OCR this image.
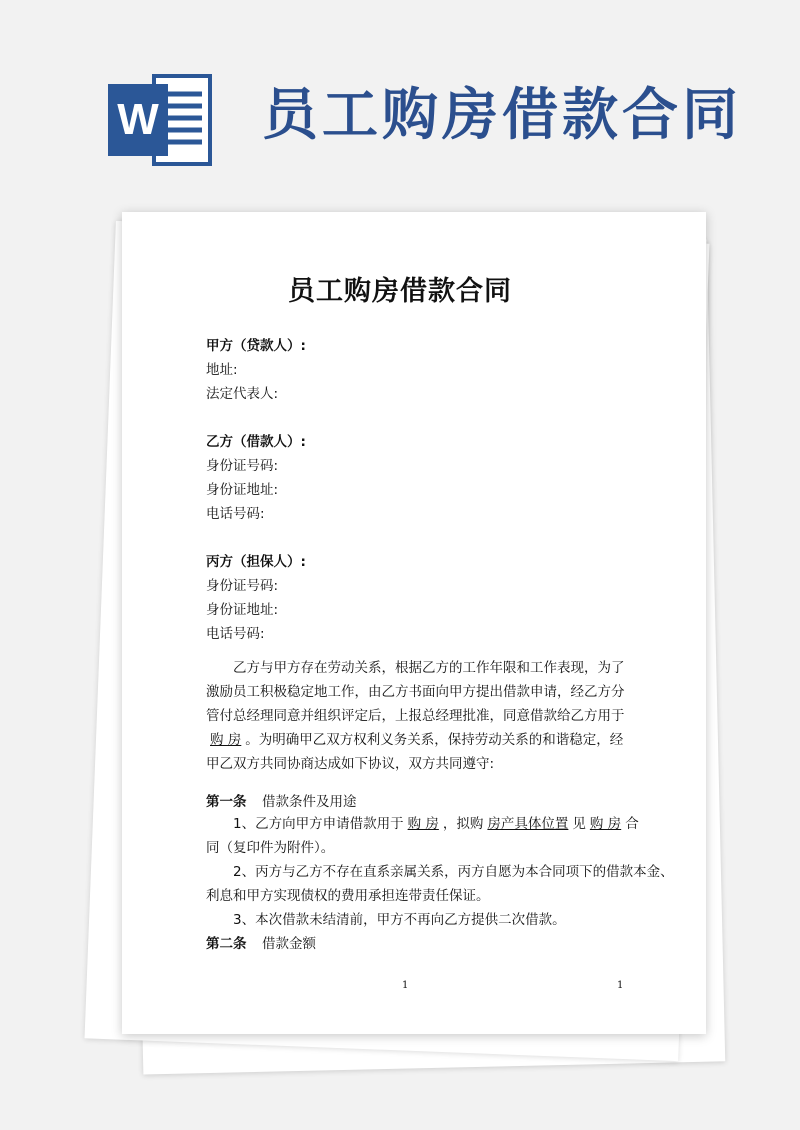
W 员工购房借款合同
员工购房借款合同
甲方（贷款人）:
地址:
法定代表人:
乙方（借款人）:
身份证号码:
身份证地址:
电话号码:
丙方（担保人）:
身份证号码:
身份证地址:
电话号码:
乙方与甲方存在劳动关系，根据乙方的工作年限和工作表现，为了激励员工积极稳定地工作，由乙方书面向甲方提出借款申请，经乙方分管付总经理同意并组织评定后，上报总经理批准，同意借款给乙方用于购 房 。为明确甲乙双方权利义务关系，保持劳动关系的和谐稳定，经甲乙双方共同协商达成如下协议，双方共同遵守:
第一条 借款条件及用途
1、乙方向甲方申请借款用于 购 房 ，拟购 房产具体位置 见 购 房 合
同（复印件为附件）。
2、丙方与乙方不存在直系亲属关系，丙方自愿为本合同项下的借款本金、
利息和甲方实现债权的费用承担连带责任保证。
3、本次借款未结清前，甲方不再向乙方提供二次借款。
第二条 借款金额
1	1
